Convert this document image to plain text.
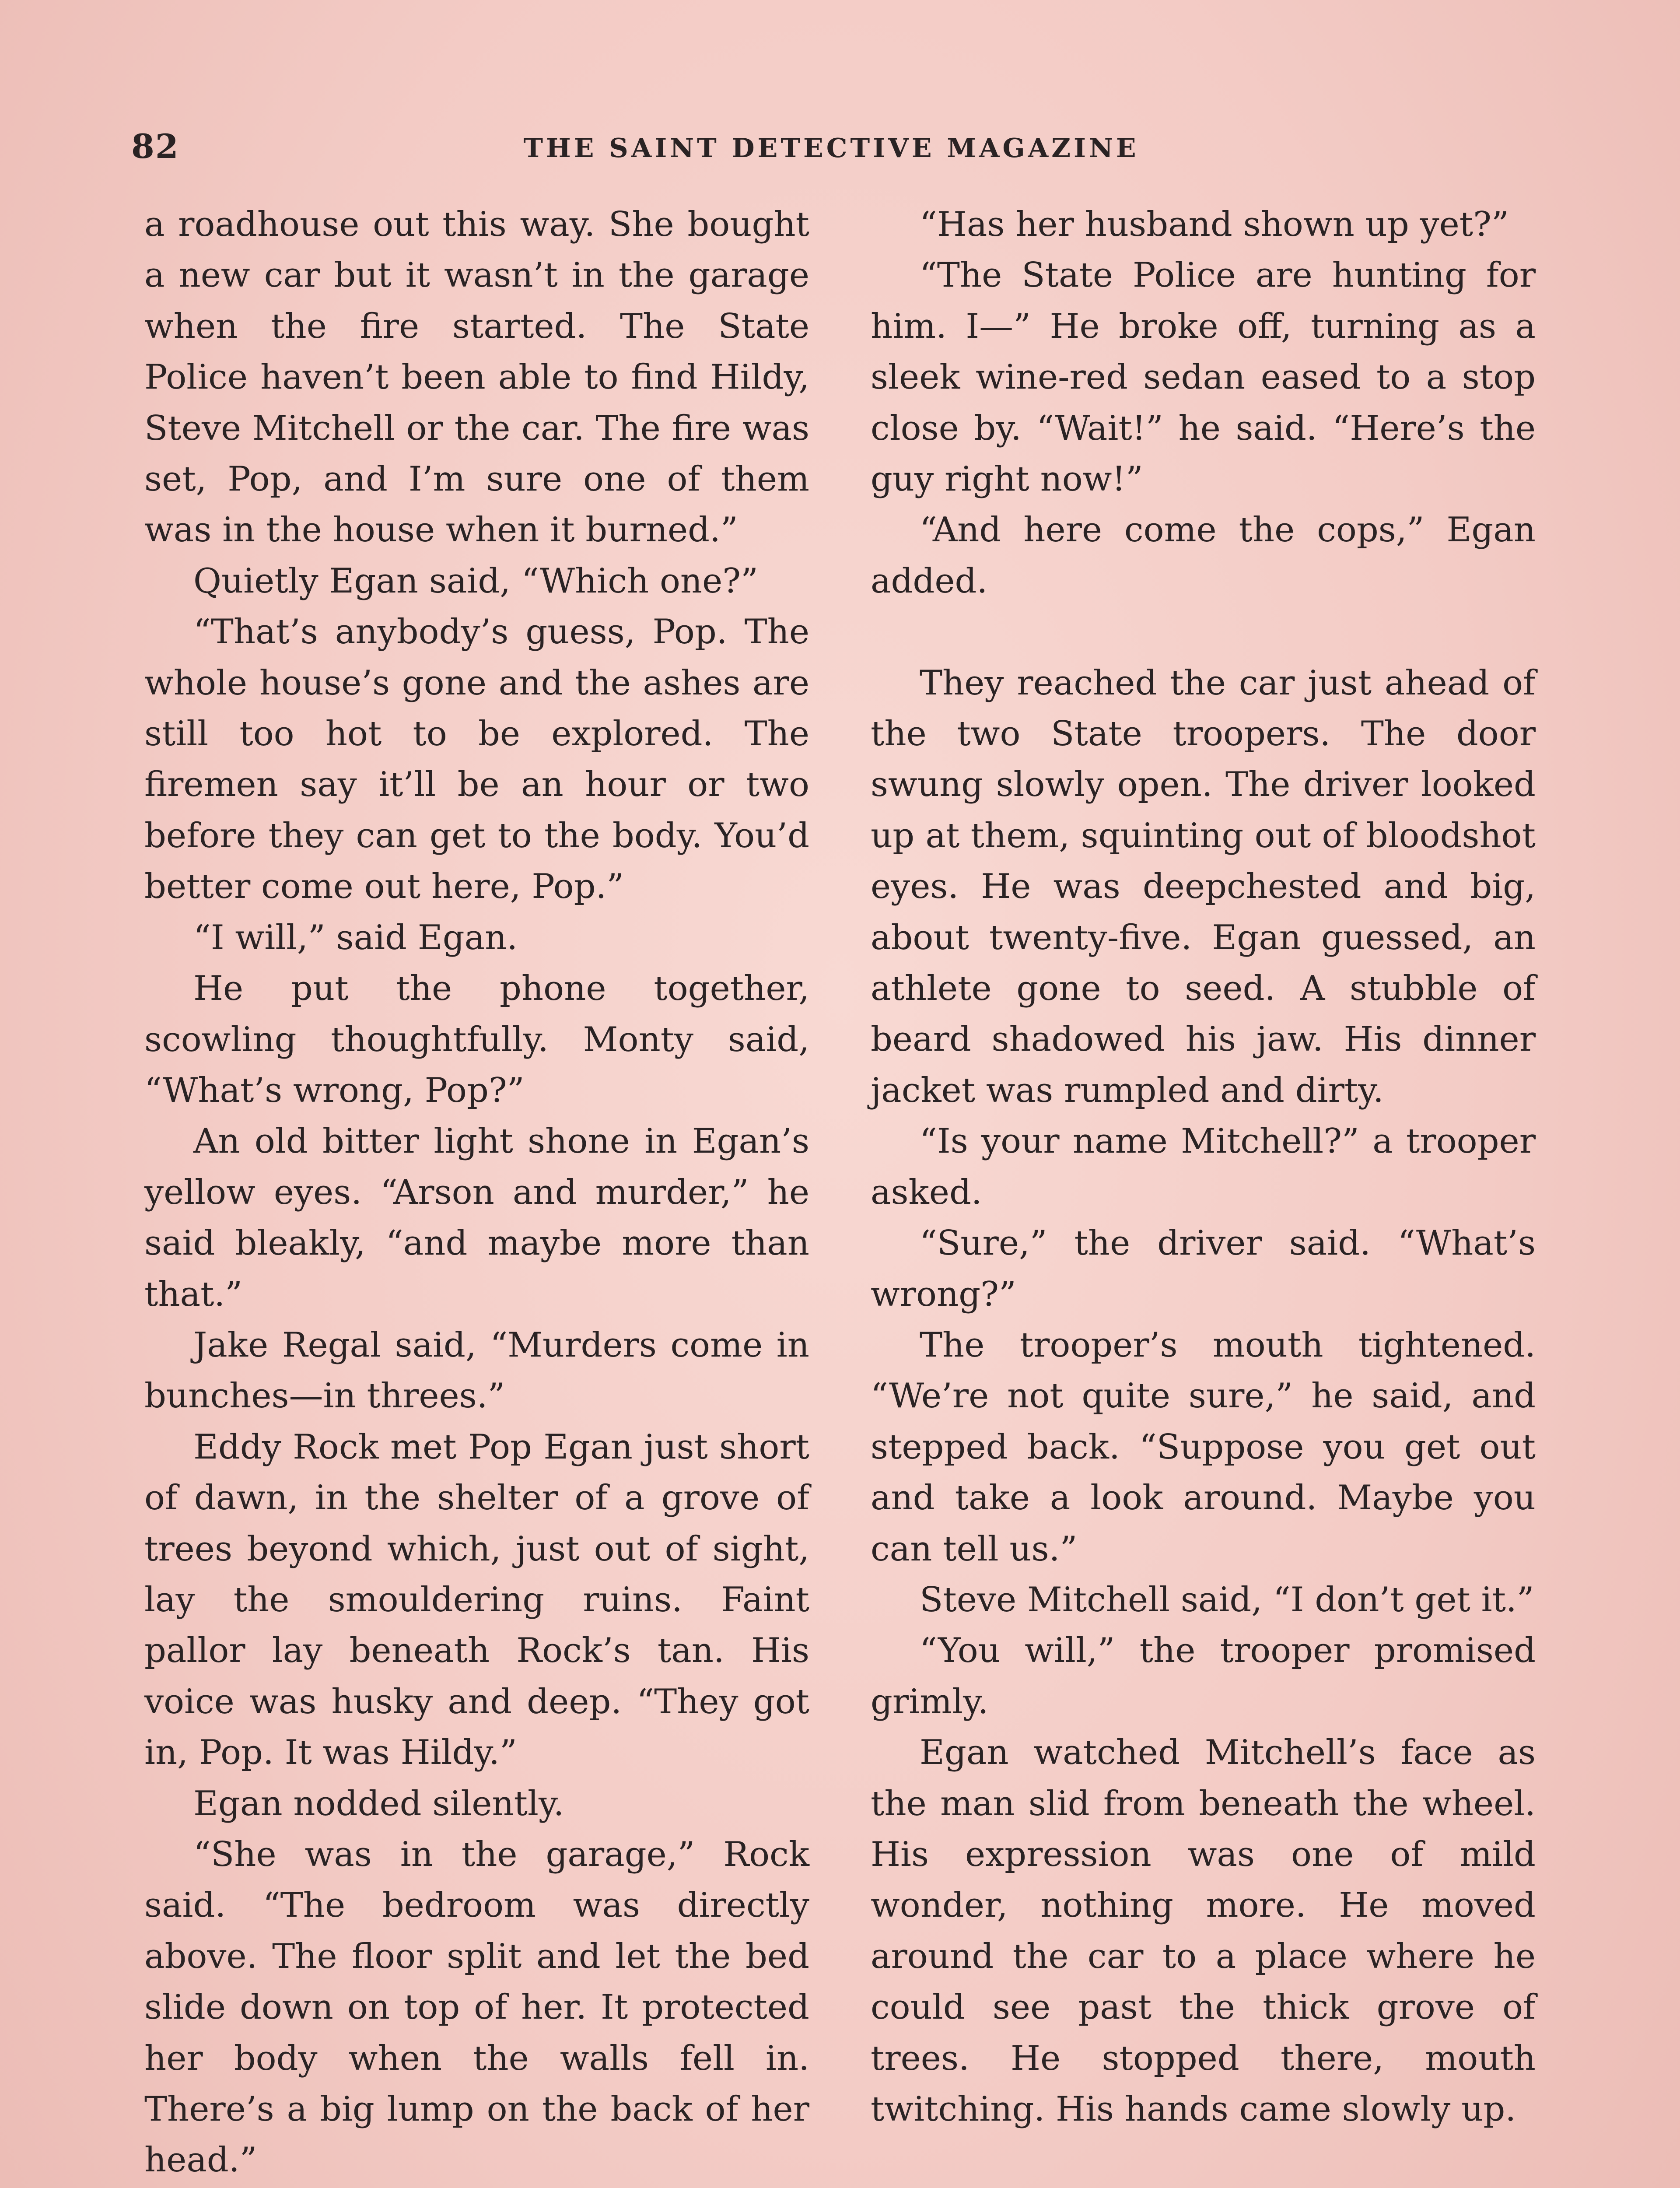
82	THE SAINT DETECTIVE MAGAZINE

a roadhouse out this way. She bought a new car but it wasn’t in the garage when the fire started. The State Police haven’t been able to find Hildy, Steve Mitchell or the car. The fire was set, Pop, and I’m sure one of them was in the house when it burned.”

Quietly Egan said, “Which one?”

“That’s anybody’s guess, Pop. The whole house’s gone and the ashes are still too hot to be explored. The firemen say it’ll be an hour or two before they can get to the body. You’d better come out here, Pop.”

“I will,” said Egan.

He put the phone together, scowling thoughtfully. Monty said, “What’s wrong, Pop?”

An old bitter light shone in Egan’s yellow eyes. “Arson and murder,” he said bleakly, “and maybe more than that.”

Jake Regal said, “Murders come in bunches—in threes.”

Eddy Rock met Pop Egan just short of dawn, in the shelter of a grove of trees beyond which, just out of sight, lay the smouldering ruins. Faint pallor lay beneath Rock’s tan. His voice was husky and deep. “They got in, Pop. It was Hildy.”

Egan nodded silently.

“She was in the garage,” Rock said. “The bedroom was directly above. The floor split and let the bed slide down on top of her. It protected her body when the walls fell in. There’s a big lump on the back of her head.”

“Has her husband shown up yet?”

“The State Police are hunting for him. I—” He broke off, turning as a sleek wine-red sedan eased to a stop close by. “Wait!” he said. “Here’s the guy right now!”

“And here come the cops,” Egan added.

They reached the car just ahead of the two State troopers. The door swung slowly open. The driver looked up at them, squinting out of bloodshot eyes. He was deepchested and big, about twenty-five. Egan guessed, an athlete gone to seed. A stubble of beard shadowed his jaw. His dinner jacket was rumpled and dirty.

“Is your name Mitchell?” a trooper asked.

“Sure,” the driver said. “What’s wrong?”

The trooper’s mouth tightened. “We’re not quite sure,” he said, and stepped back. “Suppose you get out and take a look around. Maybe you can tell us.”

Steve Mitchell said, “I don’t get it.”

“You will,” the trooper promised grimly.

Egan watched Mitchell’s face as the man slid from beneath the wheel. His expression was one of mild wonder, nothing more. He moved around the car to a place where he could see past the thick grove of trees. He stopped there, mouth twitching. His hands came slowly up.
